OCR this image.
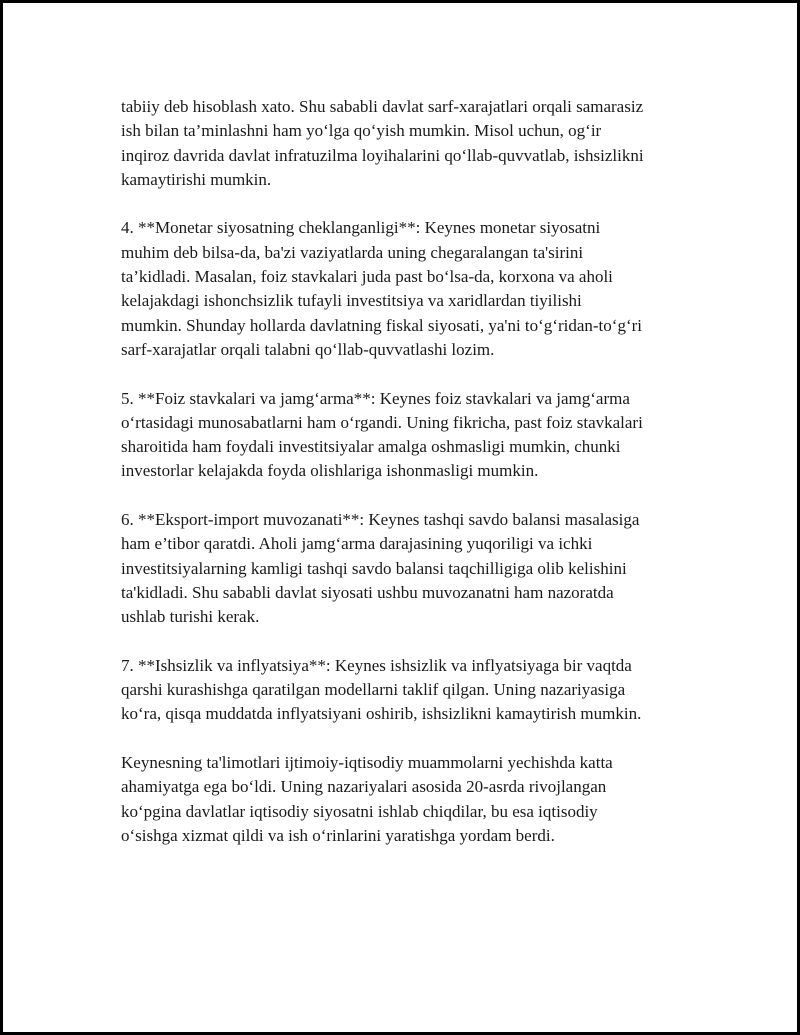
tabiiy deb hisoblash xato. Shu sababli davlat sarf-xarajatlari orqali samarasiz
ish bilan ta’minlashni ham yo‘lga qo‘yish mumkin. Misol uchun, og‘ir
inqiroz davrida davlat infratuzilma loyihalarini qo‘llab-quvvatlab, ishsizlikni
kamaytirishi mumkin.

4. **Monetar siyosatning cheklanganligi**: Keynes monetar siyosatni
muhim deb bilsa-da, ba'zi vaziyatlarda uning chegaralangan ta'sirini
ta’kidladi. Masalan, foiz stavkalari juda past bo‘lsa-da, korxona va aholi
kelajakdagi ishonchsizlik tufayli investitsiya va xaridlardan tiyilishi
mumkin. Shunday hollarda davlatning fiskal siyosati, ya'ni to‘g‘ridan-to‘g‘ri
sarf-xarajatlar orqali talabni qo‘llab-quvvatlashi lozim.

5. **Foiz stavkalari va jamg‘arma**: Keynes foiz stavkalari va jamg‘arma
o‘rtasidagi munosabatlarni ham o‘rgandi. Uning fikricha, past foiz stavkalari
sharoitida ham foydali investitsiyalar amalga oshmasligi mumkin, chunki
investorlar kelajakda foyda olishlariga ishonmasligi mumkin.

6. **Eksport-import muvozanati**: Keynes tashqi savdo balansi masalasiga
ham e’tibor qaratdi. Aholi jamg‘arma darajasining yuqoriligi va ichki
investitsiyalarning kamligi tashqi savdo balansi taqchilligiga olib kelishini
ta'kidladi. Shu sababli davlat siyosati ushbu muvozanatni ham nazoratda
ushlab turishi kerak.

7. **Ishsizlik va inflyatsiya**: Keynes ishsizlik va inflyatsiyaga bir vaqtda
qarshi kurashishga qaratilgan modellarni taklif qilgan. Uning nazariyasiga
ko‘ra, qisqa muddatda inflyatsiyani oshirib, ishsizlikni kamaytirish mumkin.

Keynesning ta'limotlari ijtimoiy-iqtisodiy muammolarni yechishda katta
ahamiyatga ega bo‘ldi. Uning nazariyalari asosida 20-asrda rivojlangan
ko‘pgina davlatlar iqtisodiy siyosatni ishlab chiqdilar, bu esa iqtisodiy
o‘sishga xizmat qildi va ish o‘rinlarini yaratishga yordam berdi.
